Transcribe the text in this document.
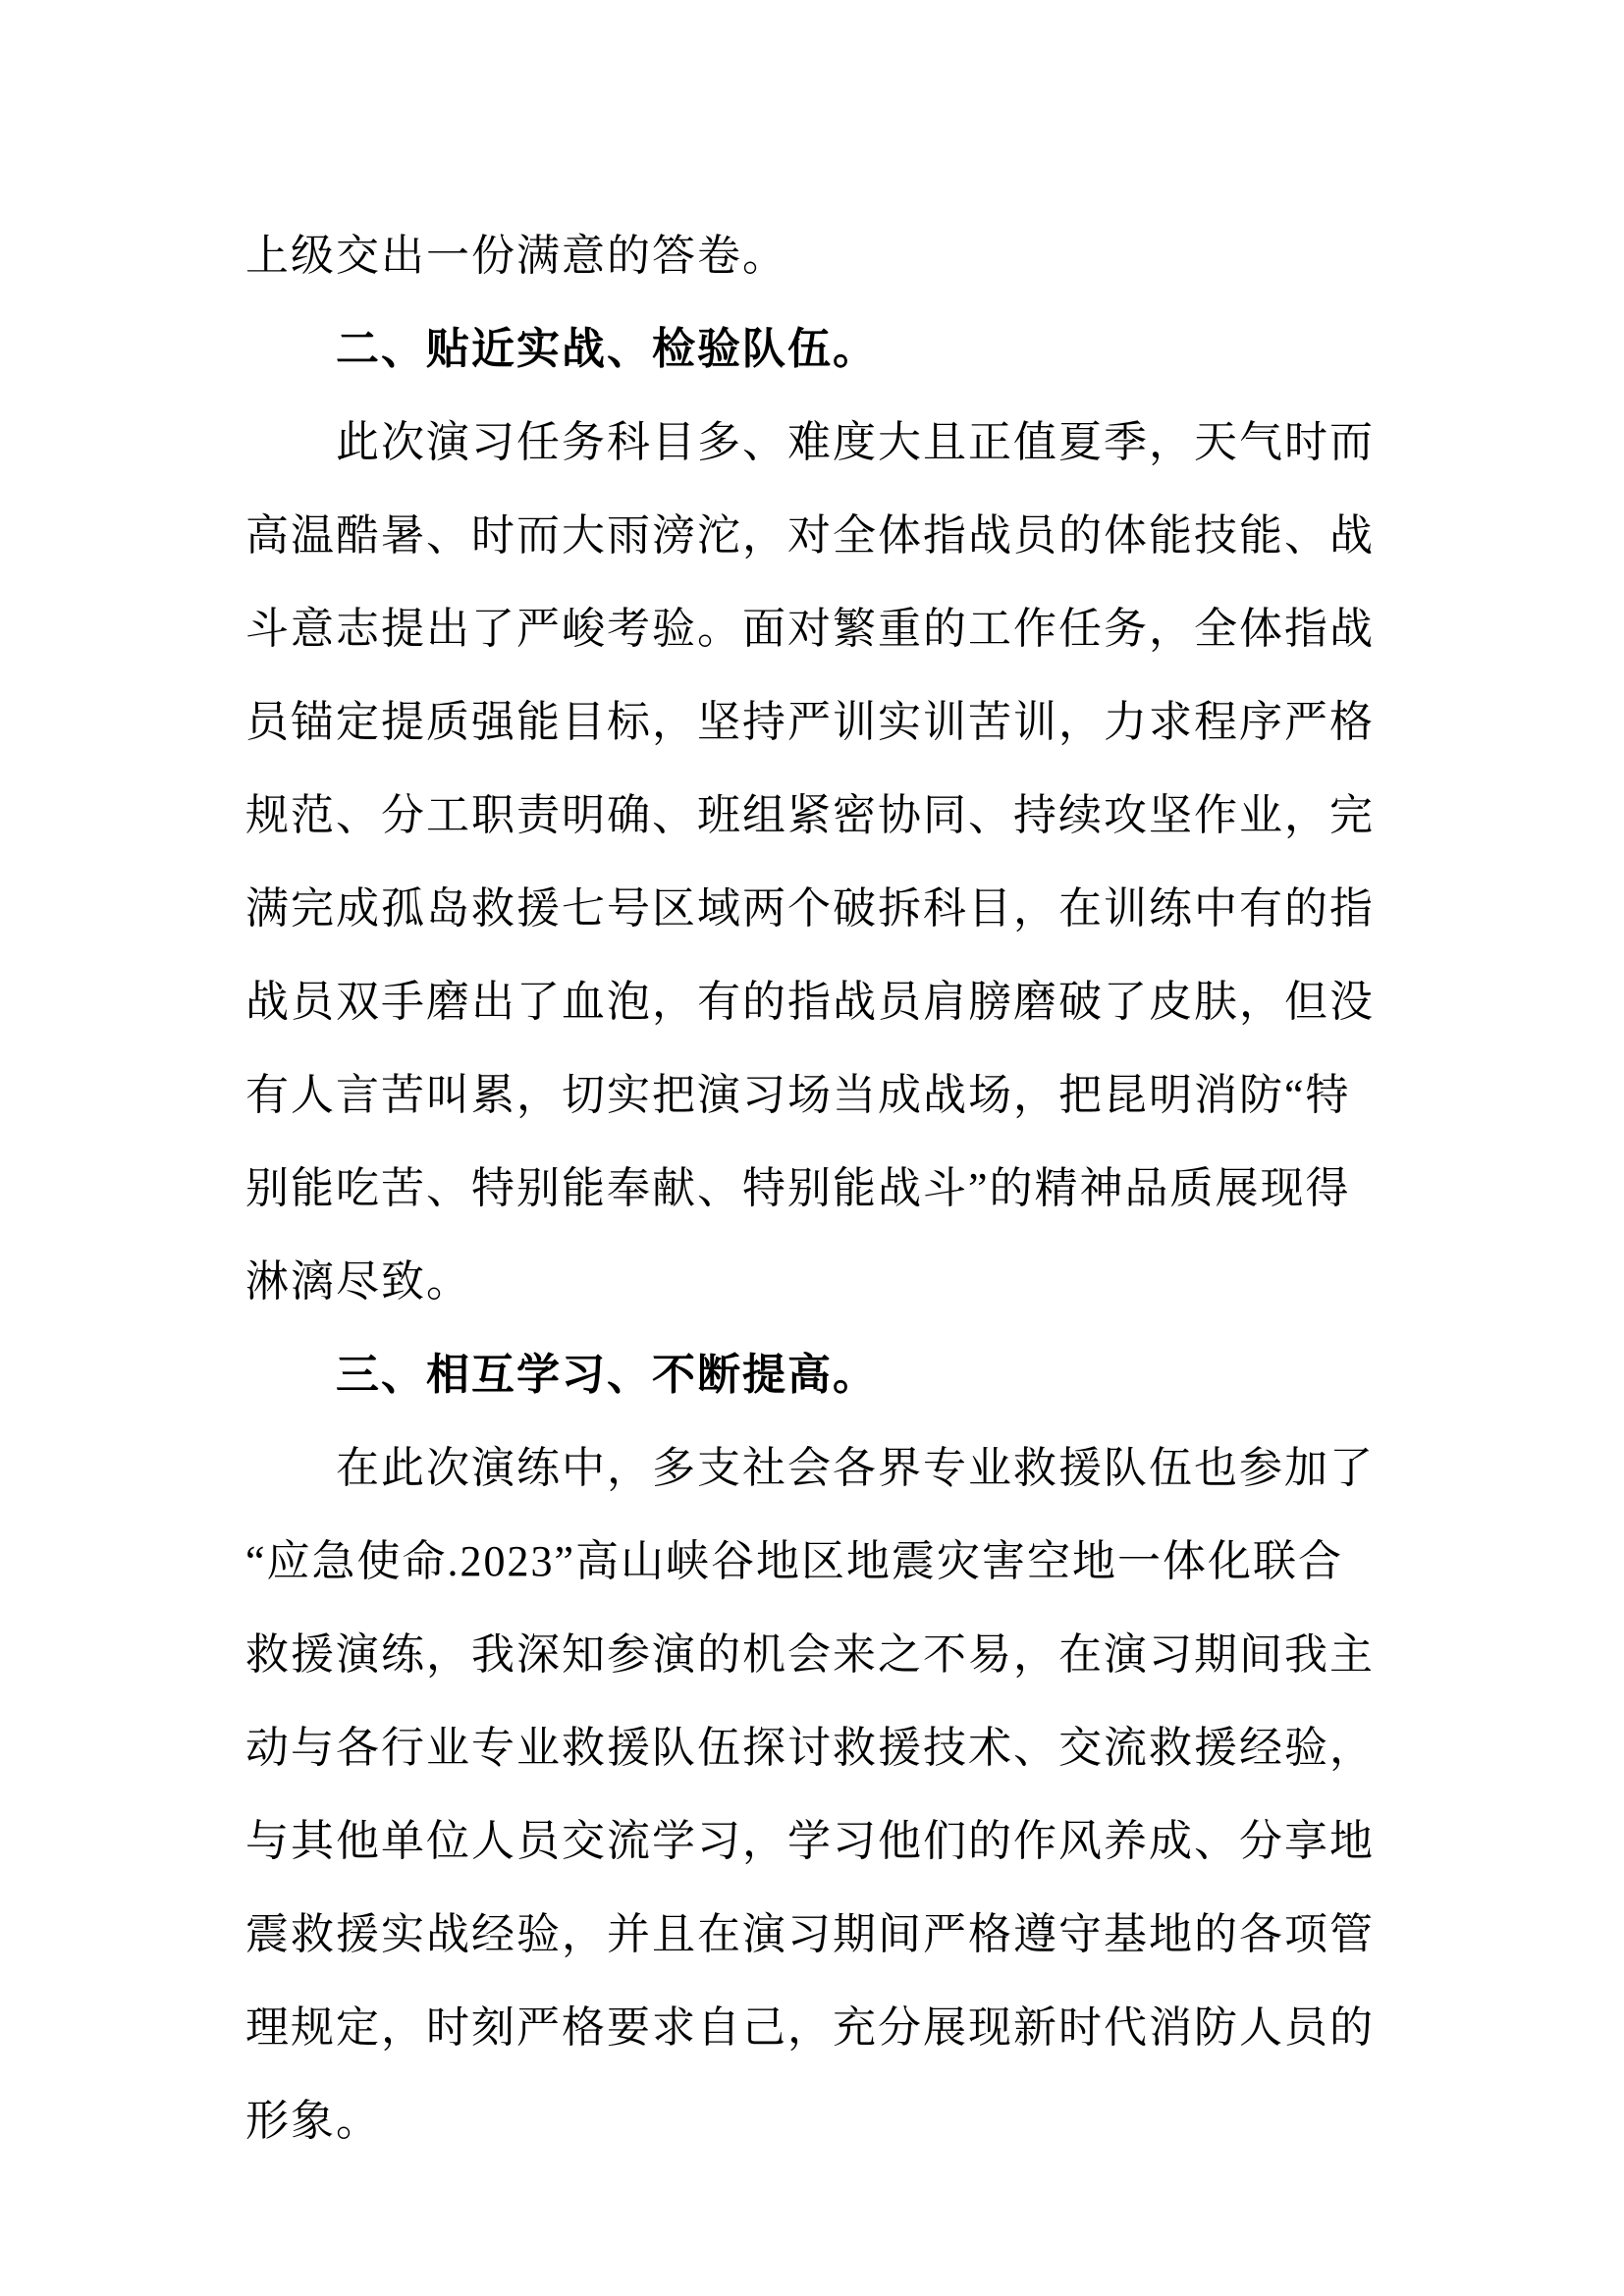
上级交出一份满意的答卷。
二、贴近实战、检验队伍。
此次演习任务科目多、难度大且正值夏季，天气时而
高温酷暑、时而大雨滂沱，对全体指战员的体能技能、战
斗意志提出了严峻考验。面对繁重的工作任务，全体指战
员锚定提质强能目标，坚持严训实训苦训，力求程序严格
规范、分工职责明确、班组紧密协同、持续攻坚作业，完
满完成孤岛救援七号区域两个破拆科目，在训练中有的指
战员双手磨出了血泡，有的指战员肩膀磨破了皮肤，但没
有人言苦叫累，切实把演习场当成战场，把昆明消防“特
别能吃苦、特别能奉献、特别能战斗”的精神品质展现得
淋漓尽致。
三、相互学习、不断提高。
在此次演练中，多支社会各界专业救援队伍也参加了
“应急使命.2023”高山峡谷地区地震灾害空地一体化联合
救援演练，我深知参演的机会来之不易，在演习期间我主
动与各行业专业救援队伍探讨救援技术、交流救援经验，
与其他单位人员交流学习，学习他们的作风养成、分享地
震救援实战经验，并且在演习期间严格遵守基地的各项管
理规定，时刻严格要求自己，充分展现新时代消防人员的
形象。
